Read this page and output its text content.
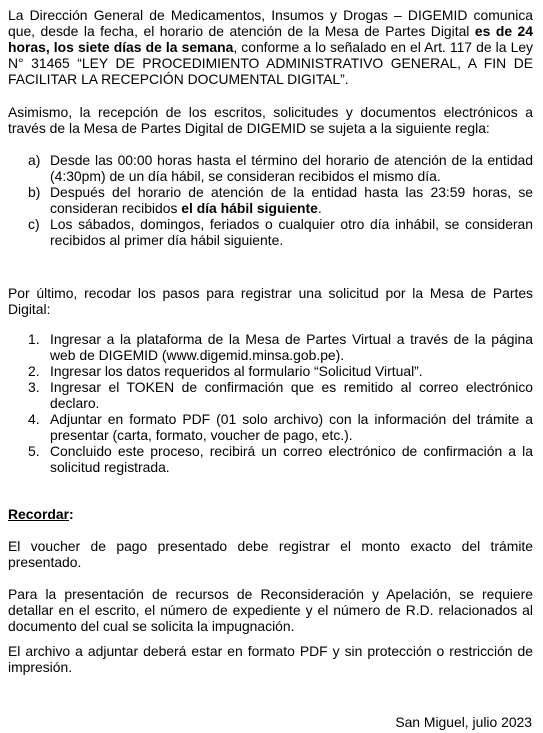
La Dirección General de Medicamentos, Insumos y Drogas – DIGEMID comunica que, desde la fecha, el horario de atención de la Mesa de Partes Digital es de 24 horas, los siete días de la semana, conforme a lo señalado en el Art. 117 de la Ley N° 31465 “LEY DE PROCEDIMIENTO ADMINISTRATIVO GENERAL, A FIN DE FACILITAR LA RECEPCIÓN DOCUMENTAL DIGITAL”.

Asimismo, la recepción de los escritos, solicitudes y documentos electrónicos a través de la Mesa de Partes Digital de DIGEMID se sujeta a la siguiente regla:

a) Desde las 00:00 horas hasta el término del horario de atención de la entidad (4:30pm) de un día hábil, se consideran recibidos el mismo día.
b) Después del horario de atención de la entidad hasta las 23:59 horas, se consideran recibidos el día hábil siguiente.
c) Los sábados, domingos, feriados o cualquier otro día inhábil, se consideran recibidos al primer día hábil siguiente.

Por último, recodar los pasos para registrar una solicitud por la Mesa de Partes Digital:

1. Ingresar a la plataforma de la Mesa de Partes Virtual a través de la página web de DIGEMID (www.digemid.minsa.gob.pe).
2. Ingresar los datos requeridos al formulario “Solicitud Virtual”.
3. Ingresar el TOKEN de confirmación que es remitido al correo electrónico declaro.
4. Adjuntar en formato PDF (01 solo archivo) con la información del trámite a presentar (carta, formato, voucher de pago, etc.).
5. Concluido este proceso, recibirá un correo electrónico de confirmación a la solicitud registrada.

Recordar:

El voucher de pago presentado debe registrar el monto exacto del trámite presentado.

Para la presentación de recursos de Reconsideración y Apelación, se requiere detallar en el escrito, el número de expediente y el número de R.D. relacionados al documento del cual se solicita la impugnación.

El archivo a adjuntar deberá estar en formato PDF y sin protección o restricción de impresión.

San Miguel, julio 2023
